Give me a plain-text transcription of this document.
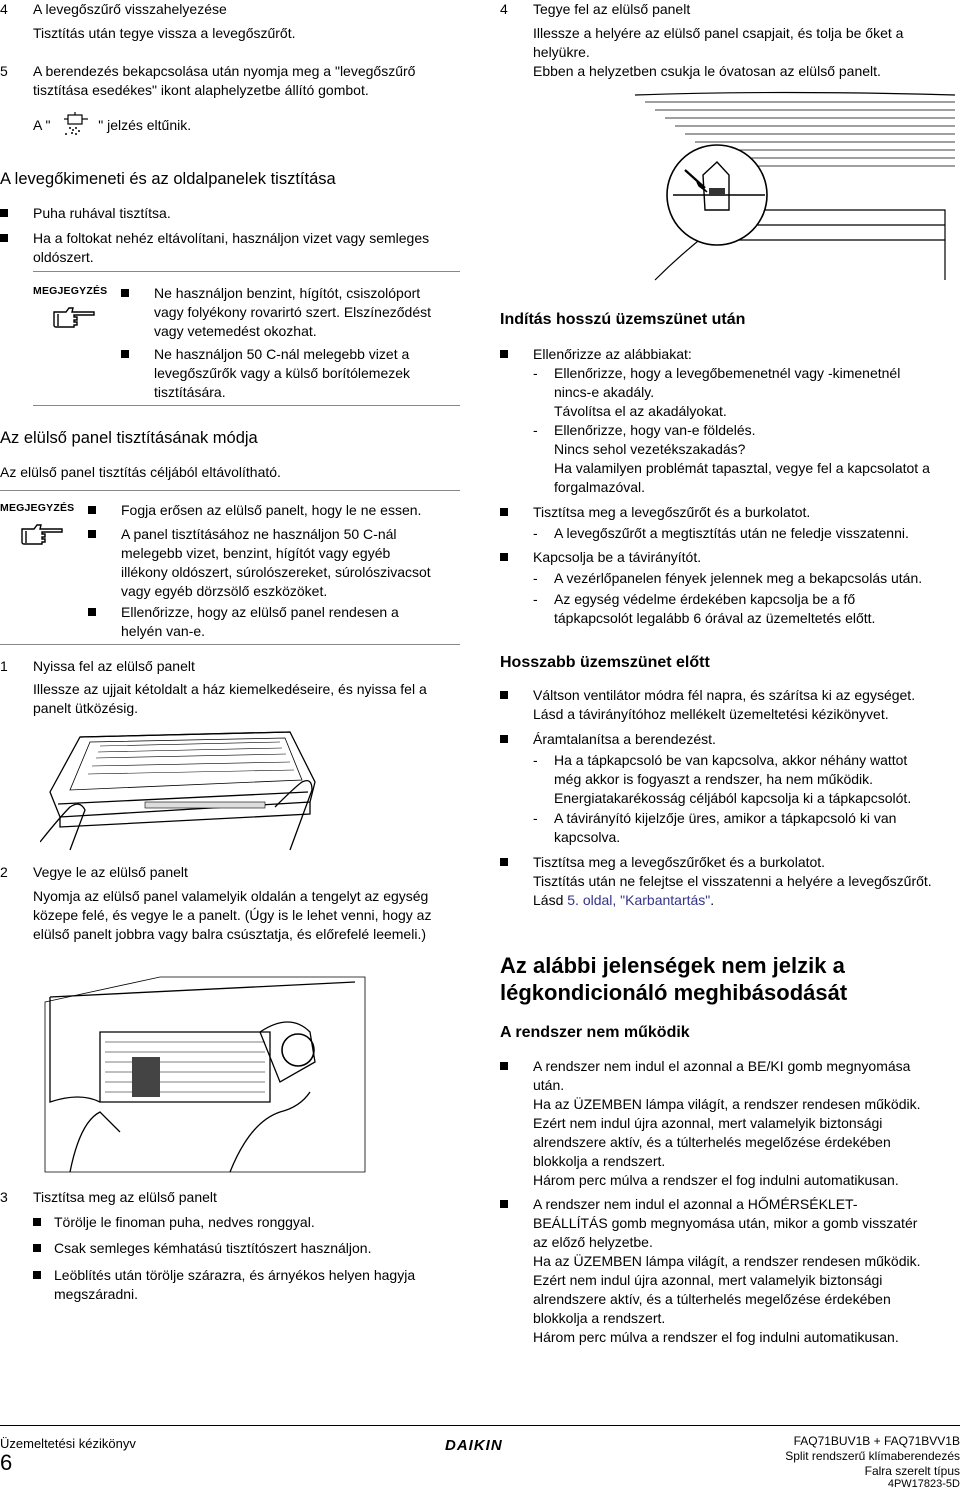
4 A levegőszűrő visszahelyezése
Tisztítás után tegye vissza a levegőszűrőt.
5 A berendezés bekapcsolása után nyomja meg a "levegőszűrő
tisztítása esedékes" ikont alaphelyzetbe állító gombot.
A "	" jelzés eltűnik.
A levegőkimeneti és az oldalpanelek tisztítása
Puha ruhával tisztítsa.
Ha a foltokat nehéz eltávolítani, használjon vizet vagy semleges
oldószert.
MEGJEGYZÉS	Ne használjon benzint, hígítót, csiszolóport
vagy folyékony rovarirtó szert. Elszíneződést
vagy vetemedést okozhat.
Ne használjon 50 C-nál melegebb vizet a
levegőszűrők vagy a külső borítólemezek
tisztítására.
Az elülső panel tisztításának módja
Az elülső panel tisztítás céljából eltávolítható.
MEGJEGYZÉS	Fogja erősen az elülső panelt, hogy le ne essen.
A panel tisztításához ne használjon 50 C-nál
melegebb vizet, benzint, hígítót vagy egyéb
illékony oldószert, súrolószereket, súrolószivacsot
vagy egyéb dörzsölő eszközöket.
Ellenőrizze, hogy az elülső panel rendesen a
helyén van-e.
1 Nyissa fel az elülső panelt
Illessze az ujjait kétoldalt a ház kiemelkedéseire, és nyissa fel a
panelt ütközésig.
2 Vegye le az elülső panelt
Nyomja az elülső panel valamelyik oldalán a tengelyt az egység
közepe felé, és vegye le a panelt. (Úgy is le lehet venni, hogy az
elülső panelt jobbra vagy balra csúsztatja, és előrefelé leemeli.)
3 Tisztítsa meg az elülső panelt
Törölje le finoman puha, nedves ronggyal.
Csak semleges kémhatású tisztítószert használjon.
Leöblítés után törölje szárazra, és árnyékos helyen hagyja
megszáradni.
4 Tegye fel az elülső panelt
Illessze a helyére az elülső panel csapjait, és tolja be őket a
helyükre.
Ebben a helyzetben csukja le óvatosan az elülső panelt.
Indítás hosszú üzemszünet után
Ellenőrizze az alábbiakat:
- Ellenőrizze, hogy a levegőbemenetnél vagy -kimenetnél
nincs-e akadály.
Távolítsa el az akadályokat.
- Ellenőrizze, hogy van-e földelés.
Nincs sehol vezetékszakadás?
Ha valamilyen problémát tapasztal, vegye fel a kapcsolatot a
forgalmazóval.
Tisztítsa meg a levegőszűrőt és a burkolatot.
- A levegőszűrőt a megtisztítás után ne feledje visszatenni.
Kapcsolja be a távirányítót.
- A vezérlőpanelen fények jelennek meg a bekapcsolás után.
- Az egység védelme érdekében kapcsolja be a fő
tápkapcsolót legalább 6 órával az üzemeltetés előtt.
Hosszabb üzemszünet előtt
Váltson ventilátor módra fél napra, és szárítsa ki az egységet.
Lásd a távirányítóhoz mellékelt üzemeltetési kézikönyvet.
Áramtalanítsa a berendezést.
- Ha a tápkapcsoló be van kapcsolva, akkor néhány wattot
még akkor is fogyaszt a rendszer, ha nem működik.
Energiatakarékosság céljából kapcsolja ki a tápkapcsolót.
- A távirányító kijelzője üres, amikor a tápkapcsoló ki van
kapcsolva.
Tisztítsa meg a levegőszűrőket és a burkolatot.
Tisztítás után ne felejtse el visszatenni a helyére a levegőszűrőt.
Lásd 5. oldal, "Karbantartás".
Az alábbi jelenségek nem jelzik a
légkondicionáló meghibásodását
A rendszer nem működik
A rendszer nem indul el azonnal a BE/KI gomb megnyomása
után.
Ha az ÜZEMBEN lámpa világít, a rendszer rendesen működik.
Ezért nem indul újra azonnal, mert valamelyik biztonsági
alrendszere aktív, és a túlterhelés megelőzése érdekében
blokkolja a rendszert.
Három perc múlva a rendszer el fog indulni automatikusan.
A rendszer nem indul el azonnal a HŐMÉRSÉKLET-
BEÁLLÍTÁS gomb megnyomása után, mikor a gomb visszatér
az előző helyzetbe.
Ha az ÜZEMBEN lámpa világít, a rendszer rendesen működik.
Ezért nem indul újra azonnal, mert valamelyik biztonsági
alrendszere aktív, és a túlterhelés megelőzése érdekében
blokkolja a rendszert.
Három perc múlva a rendszer el fog indulni automatikusan.
Üzemeltetési kézikönyv
6
DAIKIN	FAQ71BUV1B + FAQ71BVV1B
Split rendszerű klímaberendezés
Falra szerelt típus
4PW17823-5D
